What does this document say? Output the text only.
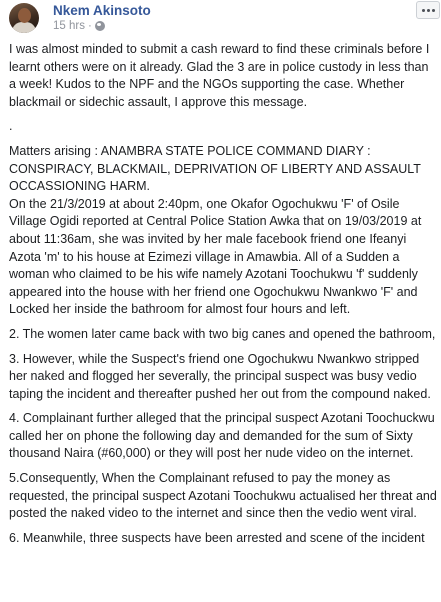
Nkem Akinsoto
15 hrs ·

I was almost minded to submit a cash reward to find these criminals before I learnt others were on it already. Glad the 3 are in police custody in less than a week! Kudos to the NPF and the NGOs supporting the case. Whether blackmail or sidechic assault, I approve this message.

.

Matters arising : ANAMBRA STATE POLICE COMMAND DIARY :

CONSPIRACY, BLACKMAIL, DEPRIVATION OF LIBERTY AND ASSAULT OCCASSIONING HARM.

On the 21/3/2019 at about 2:40pm, one Okafor Ogochukwu 'F' of Osile Village Ogidi reported at Central Police Station Awka that on 19/03/2019 at about 11:36am, she was invited by her male facebook friend one Ifeanyi Azota 'm' to his house at Ezimezi village in Amawbia. All of a Sudden a woman who claimed to be his wife namely Azotani Toochukwu 'f' suddenly appeared into the house with her friend one Ogochukwu Nwankwo 'F' and Locked her inside the bathroom for almost four hours and left.

2. The women later came back with two big canes and opened the bathroom,

3. However, while the Suspect's friend one Ogochukwu Nwankwo stripped her naked and flogged her severally, the principal suspect was busy vedio taping the incident and thereafter pushed her out from the compound naked.

4. Complainant further alleged that the principal suspect Azotani Toochuckwu called her on phone the following day and demanded for the sum of Sixty thousand Naira (#60,000) or they will post her nude video on the internet.

5.Consequently, When the Complainant refused to pay the money as requested, the principal suspect Azotani Toochukwu actualised her threat and posted the naked video to the internet and since then the vedio went viral.

6. Meanwhile, three suspects have been arrested and scene of the incident
